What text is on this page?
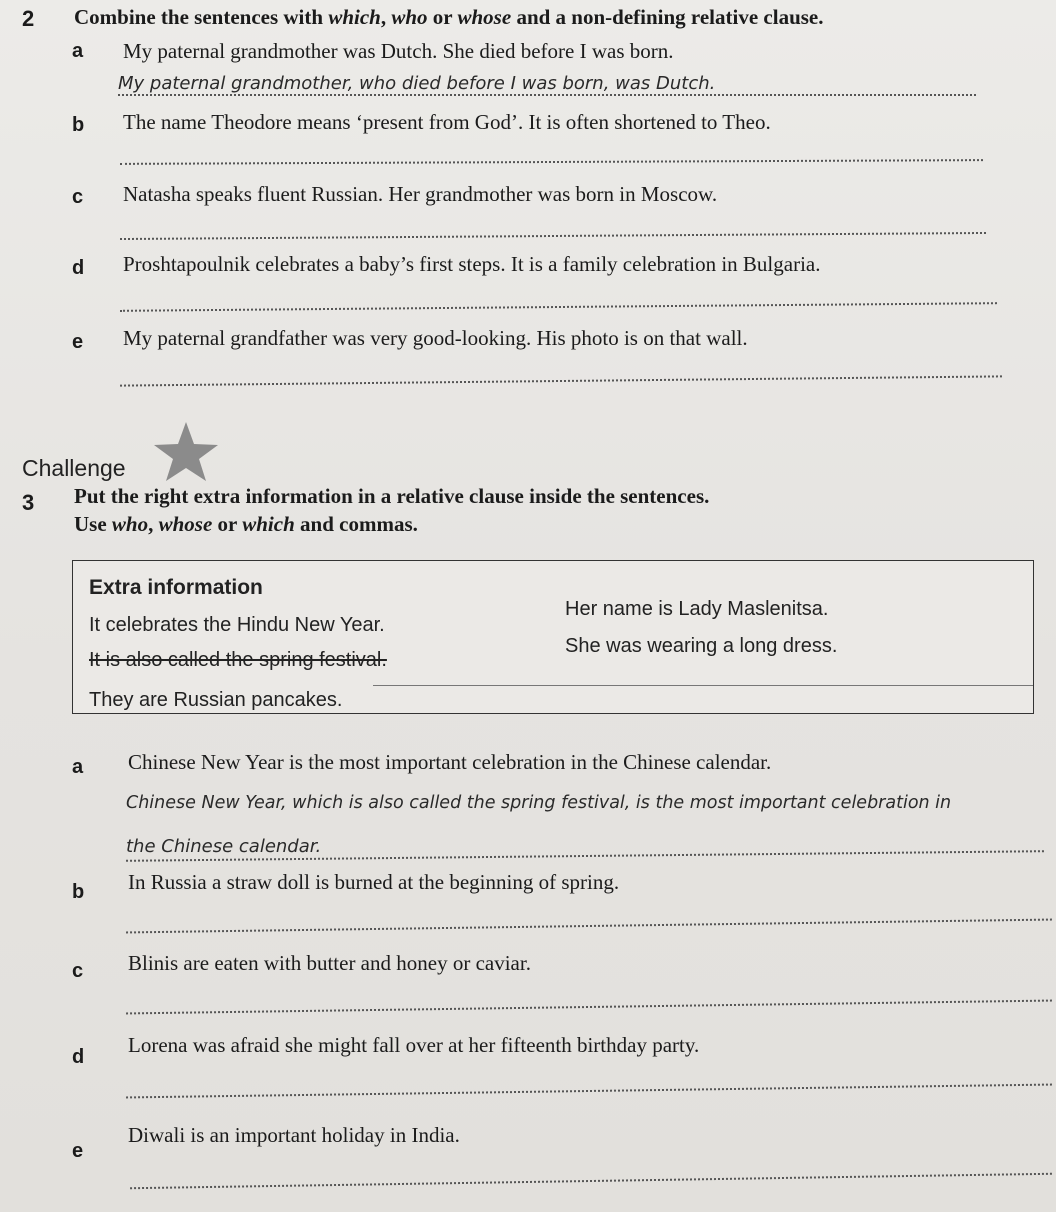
2 Combine the sentences with which, who or whose and a non-defining relative clause.
a My paternal grandmother was Dutch. She died before I was born.
My paternal grandmother, who died before I was born, was Dutch.
b The name Theodore means ‘present from God’. It is often shortened to Theo.
c Natasha speaks fluent Russian. Her grandmother was born in Moscow.
d Proshtapoulnik celebrates a baby’s first steps. It is a family celebration in Bulgaria.
e My paternal grandfather was very good-looking. His photo is on that wall.
Challenge
3 Put the right extra information in a relative clause inside the sentences.
Use who, whose or which and commas.
Extra information
It celebrates the Hindu New Year.
Her name is Lady Maslenitsa.
It is also called the spring festival.
She was wearing a long dress.
They are Russian pancakes.
a Chinese New Year is the most important celebration in the Chinese calendar.
Chinese New Year, which is also called the spring festival, is the most important celebration in
the Chinese calendar.
b In Russia a straw doll is burned at the beginning of spring.
c Blinis are eaten with butter and honey or caviar.
d Lorena was afraid she might fall over at her fifteenth birthday party.
e
Diwali is an important holiday in India.
